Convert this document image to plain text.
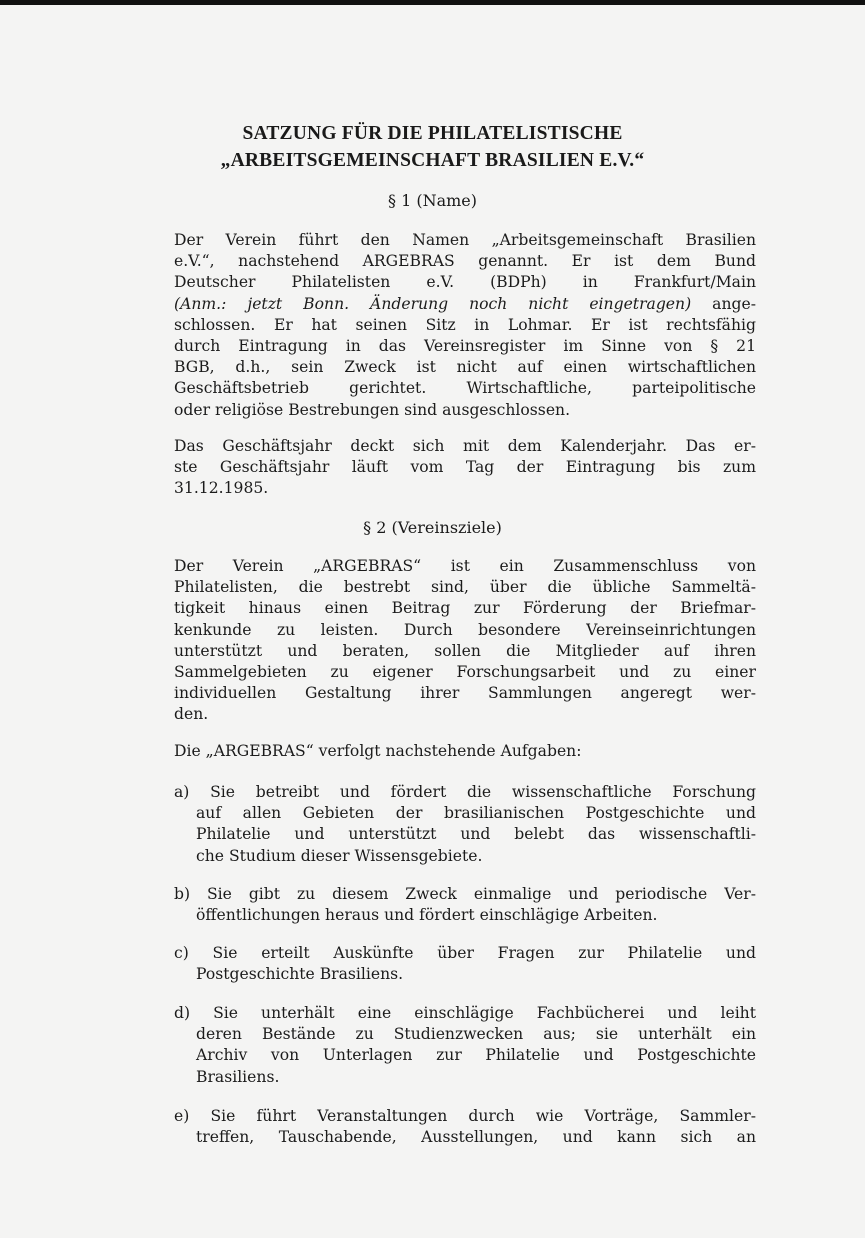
SATZUNG FÜR DIE PHILATELISTISCHE
„ARBEITSGEMEINSCHAFT BRASILIEN E.V.“
§ 1 (Name)
Der Verein führt den Namen „Arbeitsgemeinschaft Brasilien
e.V.“, nachstehend ARGEBRAS genannt. Er ist dem Bund
Deutscher Philatelisten e.V. (BDPh) in Frankfurt/Main
(Anm.: jetzt Bonn. Änderung noch nicht eingetragen) ange-
schlossen. Er hat seinen Sitz in Lohmar. Er ist rechtsfähig
durch Eintragung in das Vereinsregister im Sinne von § 21
BGB, d.h., sein Zweck ist nicht auf einen wirtschaftlichen
Geschäftsbetrieb gerichtet. Wirtschaftliche, parteipolitische
oder religiöse Bestrebungen sind ausgeschlossen.
Das Geschäftsjahr deckt sich mit dem Kalenderjahr. Das er-
ste Geschäftsjahr läuft vom Tag der Eintragung bis zum
31.12.1985.
§ 2 (Vereinsziele)
Der Verein „ARGEBRAS“ ist ein Zusammenschluss von
Philatelisten, die bestrebt sind, über die übliche Sammeltä-
tigkeit hinaus einen Beitrag zur Förderung der Briefmar-
kenkunde zu leisten. Durch besondere Vereinseinrichtungen
unterstützt und beraten, sollen die Mitglieder auf ihren
Sammelgebieten zu eigener Forschungsarbeit und zu einer
individuellen Gestaltung ihrer Sammlungen angeregt wer-
den.
Die „ARGEBRAS“ verfolgt nachstehende Aufgaben:
a) Sie betreibt und fördert die wissenschaftliche Forschung
auf allen Gebieten der brasilianischen Postgeschichte und
Philatelie und unterstützt und belebt das wissenschaftli-
che Studium dieser Wissensgebiete.
b) Sie gibt zu diesem Zweck einmalige und periodische Ver-
öffentlichungen heraus und fördert einschlägige Arbeiten.
c) Sie erteilt Auskünfte über Fragen zur Philatelie und
Postgeschichte Brasiliens.
d) Sie unterhält eine einschlägige Fachbücherei und leiht
deren Bestände zu Studienzwecken aus; sie unterhält ein
Archiv von Unterlagen zur Philatelie und Postgeschichte
Brasiliens.
e) Sie führt Veranstaltungen durch wie Vorträge, Sammler-
treffen, Tauschabende, Ausstellungen, und kann sich an
